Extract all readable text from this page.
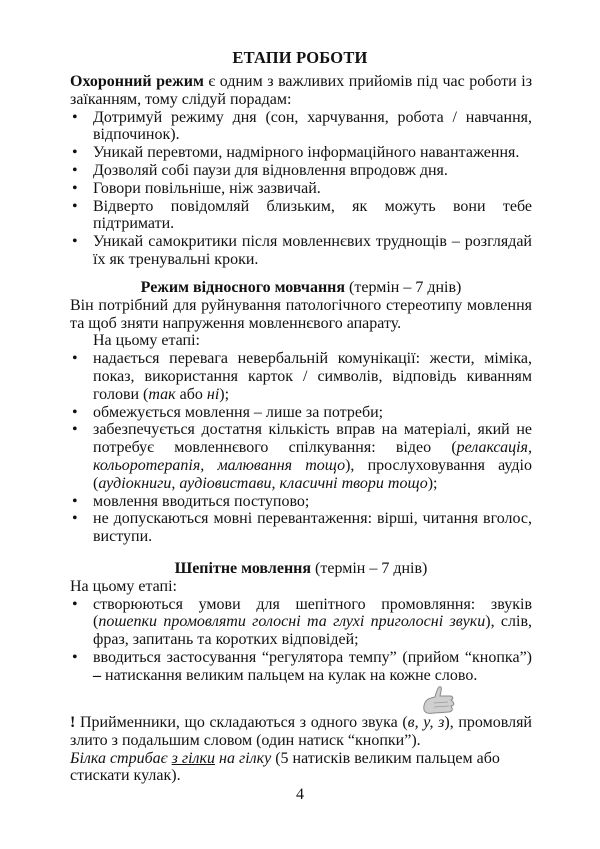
ЕТАПИ РОБОТИ

Охоронний режим є одним з важливих прийомів під час роботи із заїканням, тому слідуй порадам:

• Дотримуй режиму дня (сон, харчування, робота / навчання, відпочинок).
• Уникай перевтоми, надмірного інформаційного навантаження.
• Дозволяй собі паузи для відновлення впродовж дня.
• Говори повільніше, ніж зазвичай.
• Відверто повідомляй близьким, як можуть вони тебе підтримати.
• Уникай самокритики після мовленнєвих труднощів – розглядай їх як тренувальні кроки.

Режим відносного мовчання (термін – 7 днів)

Він потрібний для руйнування патологічного стереотипу мовлення та щоб зняти напруження мовленнєвого апарату.

На цьому етапі:

• надається перевага невербальній комунікації: жести, міміка, показ, використання карток / символів, відповідь киванням голови (так або ні);
• обмежується мовлення – лише за потреби;
• забезпечується достатня кількість вправ на матеріалі, який не потребує мовленнєвого спілкування: відео (релаксація, кольоротерапія, малювання тощо), прослуховування аудіо (аудіокниги, аудіовистави, класичні твори тощо);
• мовлення вводиться поступово;
• не допускаються мовні перевантаження: вірші, читання вголос, виступи.

Шепітне мовлення (термін – 7 днів)

На цьому етапі:

• створюються умови для шепітного промовляння: звуків (пошепки промовляти голосні та глухі приголосні звуки), слів, фраз, запитань та коротких відповідей;
• вводиться застосування “регулятора темпу” (прийом “кнопка”) – натискання великим пальцем на кулак на кожне слово.

! Прийменники, що складаються з одного звука (в, у, з), промовляй злито з подальшим словом (один натиск “кнопки”).

Білка стрибає з гілки на гілку (5 натисків великим пальцем або стискати кулак).

4
